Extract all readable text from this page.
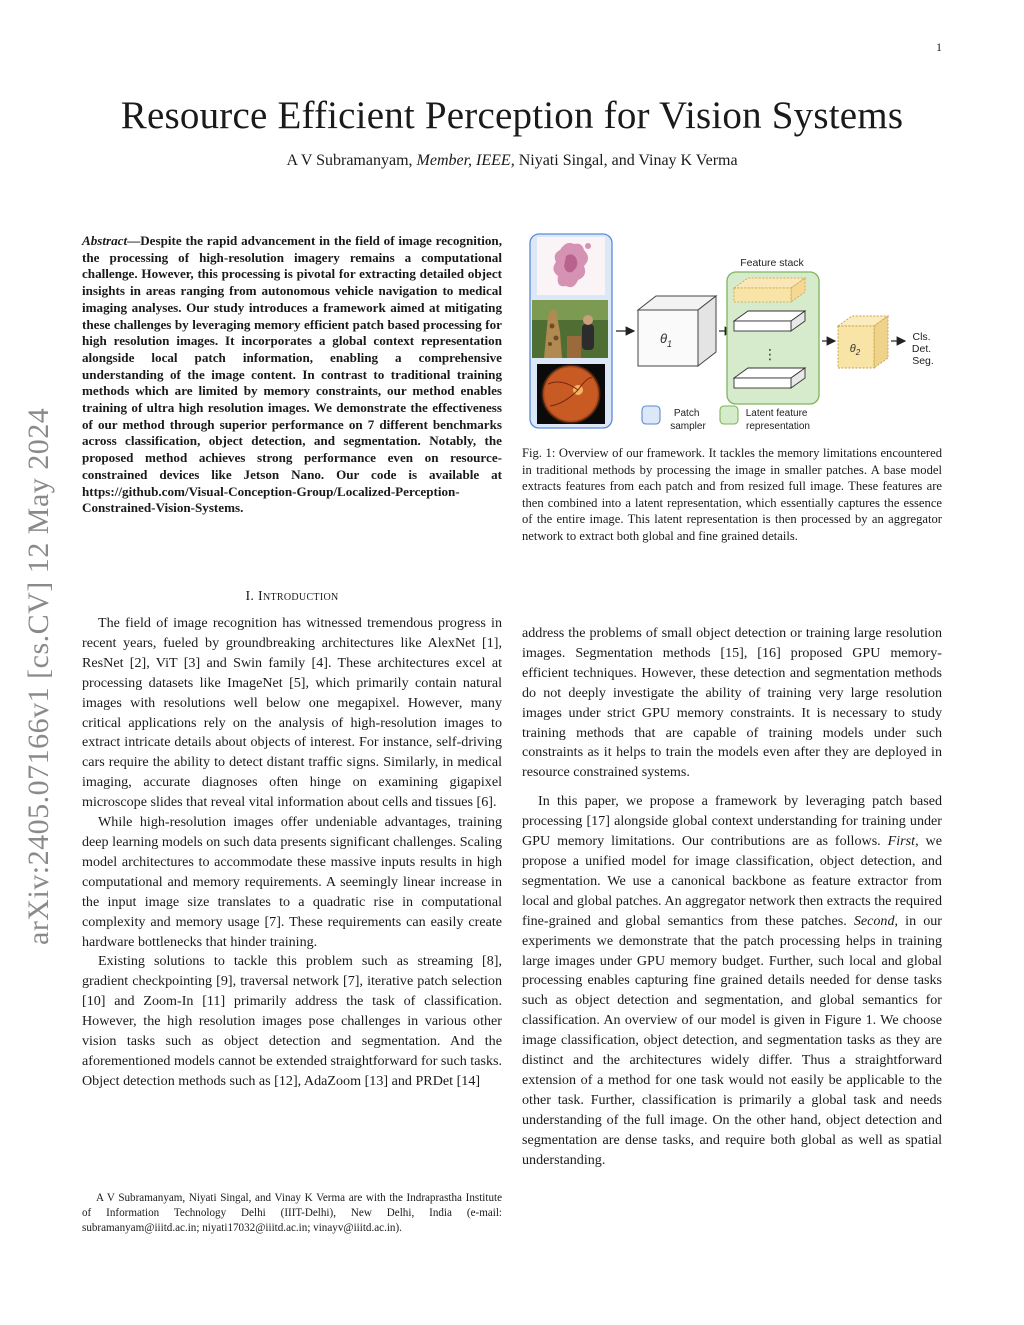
1
arXiv:2405.07166v1 [cs.CV] 12 May 2024
Resource Efficient Perception for Vision Systems
A V Subramanyam, Member, IEEE, Niyati Singal, and Vinay K Verma
Abstract—Despite the rapid advancement in the field of image recognition, the processing of high-resolution imagery remains a computational challenge. However, this processing is pivotal for extracting detailed object insights in areas ranging from autonomous vehicle navigation to medical imaging analyses. Our study introduces a framework aimed at mitigating these challenges by leveraging memory efficient patch based processing for high resolution images. It incorporates a global context representation alongside local patch information, enabling a comprehensive understanding of the image content. In contrast to traditional training methods which are limited by memory constraints, our method enables training of ultra high resolution images. We demonstrate the effectiveness of our method through superior performance on 7 different benchmarks across classification, object detection, and segmentation. Notably, the proposed method achieves strong performance even on resource-constrained devices like Jetson Nano. Our code is available at https://github.com/Visual-Conception-Group/Localized-Perception-Constrained-Vision-Systems.
$\theta_1$
Feature stack
⋮	$\theta_2$
Cls. Det. Seg.
Patch sampler
Latent feature representation
Fig. 1: Overview of our framework. It tackles the memory limitations encountered in traditional methods by processing the image in smaller patches. A base model extracts features from each patch and from resized full image. These features are then combined into a latent representation, which essentially captures the essence of the entire image. This latent representation is then processed by an aggregator network to extract both global and fine grained details.
I. Introduction

The field of image recognition has witnessed tremendous progress in recent years, fueled by groundbreaking architectures like AlexNet [1], ResNet [2], ViT [3] and Swin family [4]. These architectures excel at processing datasets like ImageNet [5], which primarily contain natural images with resolutions well below one megapixel. However, many critical applications rely on the analysis of high-resolution images to extract intricate details about objects of interest. For instance, self-driving cars require the ability to detect distant traffic signs. Similarly, in medical imaging, accurate diagnoses often hinge on examining gigapixel microscope slides that reveal vital information about cells and tissues [6].

While high-resolution images offer undeniable advantages, training deep learning models on such data presents significant challenges. Scaling model architectures to accommodate these massive inputs results in high computational and memory requirements. A seemingly linear increase in the input image size translates to a quadratic rise in computational complexity and memory usage [7]. These requirements can easily create hardware bottlenecks that hinder training.

Existing solutions to tackle this problem such as streaming [8], gradient checkpointing [9], traversal network [7], iterative patch selection [10] and Zoom-In [11] primarily address the task of classification. However, the high resolution images pose challenges in various other vision tasks such as object detection and segmentation. And the aforementioned models cannot be extended straightforward for such tasks. Object detection methods such as [12], AdaZoom [13] and PRDet [14]

A V Subramanyam, Niyati Singal, and Vinay K Verma are with the Indraprastha Institute of Information Technology Delhi (IIIT-Delhi), New Delhi, India (e-mail: subramanyam@iiitd.ac.in; niyati17032@iiitd.ac.in; vinayv@iiitd.ac.in).

address the problems of small object detection or training large resolution images. Segmentation methods [15], [16] proposed GPU memory-efficient techniques. However, these detection and segmentation methods do not deeply investigate the ability of training very large resolution images under strict GPU memory constraints. It is necessary to study training methods that are capable of training models under such constraints as it helps to train the models even after they are deployed in resource constrained systems.

In this paper, we propose a framework by leveraging patch based processing [17] alongside global context understanding for training under GPU memory limitations. Our contributions are as follows. First, we propose a unified model for image classification, object detection, and segmentation. We use a canonical backbone as feature extractor from local and global patches. An aggregator network then extracts the required fine-grained and global semantics from these patches. Second, in our experiments we demonstrate that the patch processing helps in training large images under GPU memory budget. Further, such local and global processing enables capturing fine grained details needed for dense tasks such as object detection and segmentation, and global semantics for classification. An overview of our model is given in Figure 1. We choose image classification, object detection, and segmentation tasks as they are distinct and the architectures widely differ. Thus a straightforward extension of a method for one task would not easily be applicable to the other task. Further, classification is primarily a global task and needs understanding of the full image. On the other hand, object detection and segmentation are dense tasks, and require both global as well as spatial understanding.
